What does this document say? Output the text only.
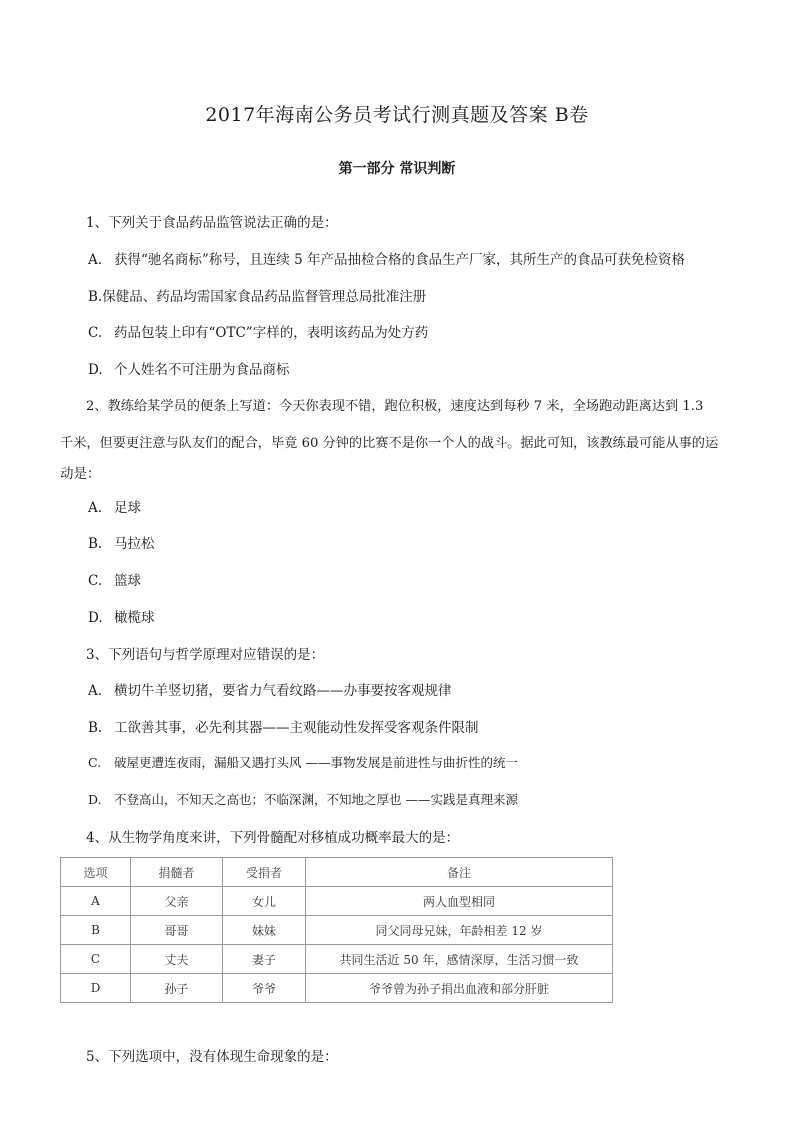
2017年海南公务员考试行测真题及答案 B卷
第一部分 常识判断
1、下列关于食品药品监管说法正确的是：
A. 获得“驰名商标”称号，且连续 5 年产品抽检合格的食品生产厂家，其所生产的食品可获免检资格
B.保健品、药品均需国家食品药品监督管理总局批准注册
C. 药品包装上印有“OTC”字样的，表明该药品为处方药
D. 个人姓名不可注册为食品商标
2、教练给某学员的便条上写道：今天你表现不错，跑位积极，速度达到每秒 7 米，全场跑动距离达到 1.3
千米，但要更注意与队友们的配合，毕竟 60 分钟的比赛不是你一个人的战斗。据此可知，该教练最可能从事的运
动是：
A. 足球
B. 马拉松
C. 篮球
D. 橄榄球
3、下列语句与哲学原理对应错误的是：
A. 横切牛羊竖切猪，要省力气看纹路——办事要按客观规律
B. 工欲善其事，必先利其器——主观能动性发挥受客观条件限制
C. 破屋更遭连夜雨，漏船又遇打头风 ——事物发展是前进性与曲折性的统一
D. 不登高山，不知天之高也；不临深渊，不知地之厚也 ——实践是真理来源
4、从生物学角度来讲，下列骨髓配对移植成功概率最大的是：
选项	捐髓者	受捐者	备注
A	父亲	女儿	两人血型相同
B	哥哥	妹妹	同父同母兄妹，年龄相差 12 岁
C	丈夫	妻子	共同生活近 50 年，感情深厚，生活习惯一致
D	孙子	爷爷	爷爷曾为孙子捐出血液和部分肝脏
5、下列选项中，没有体现生命现象的是：
